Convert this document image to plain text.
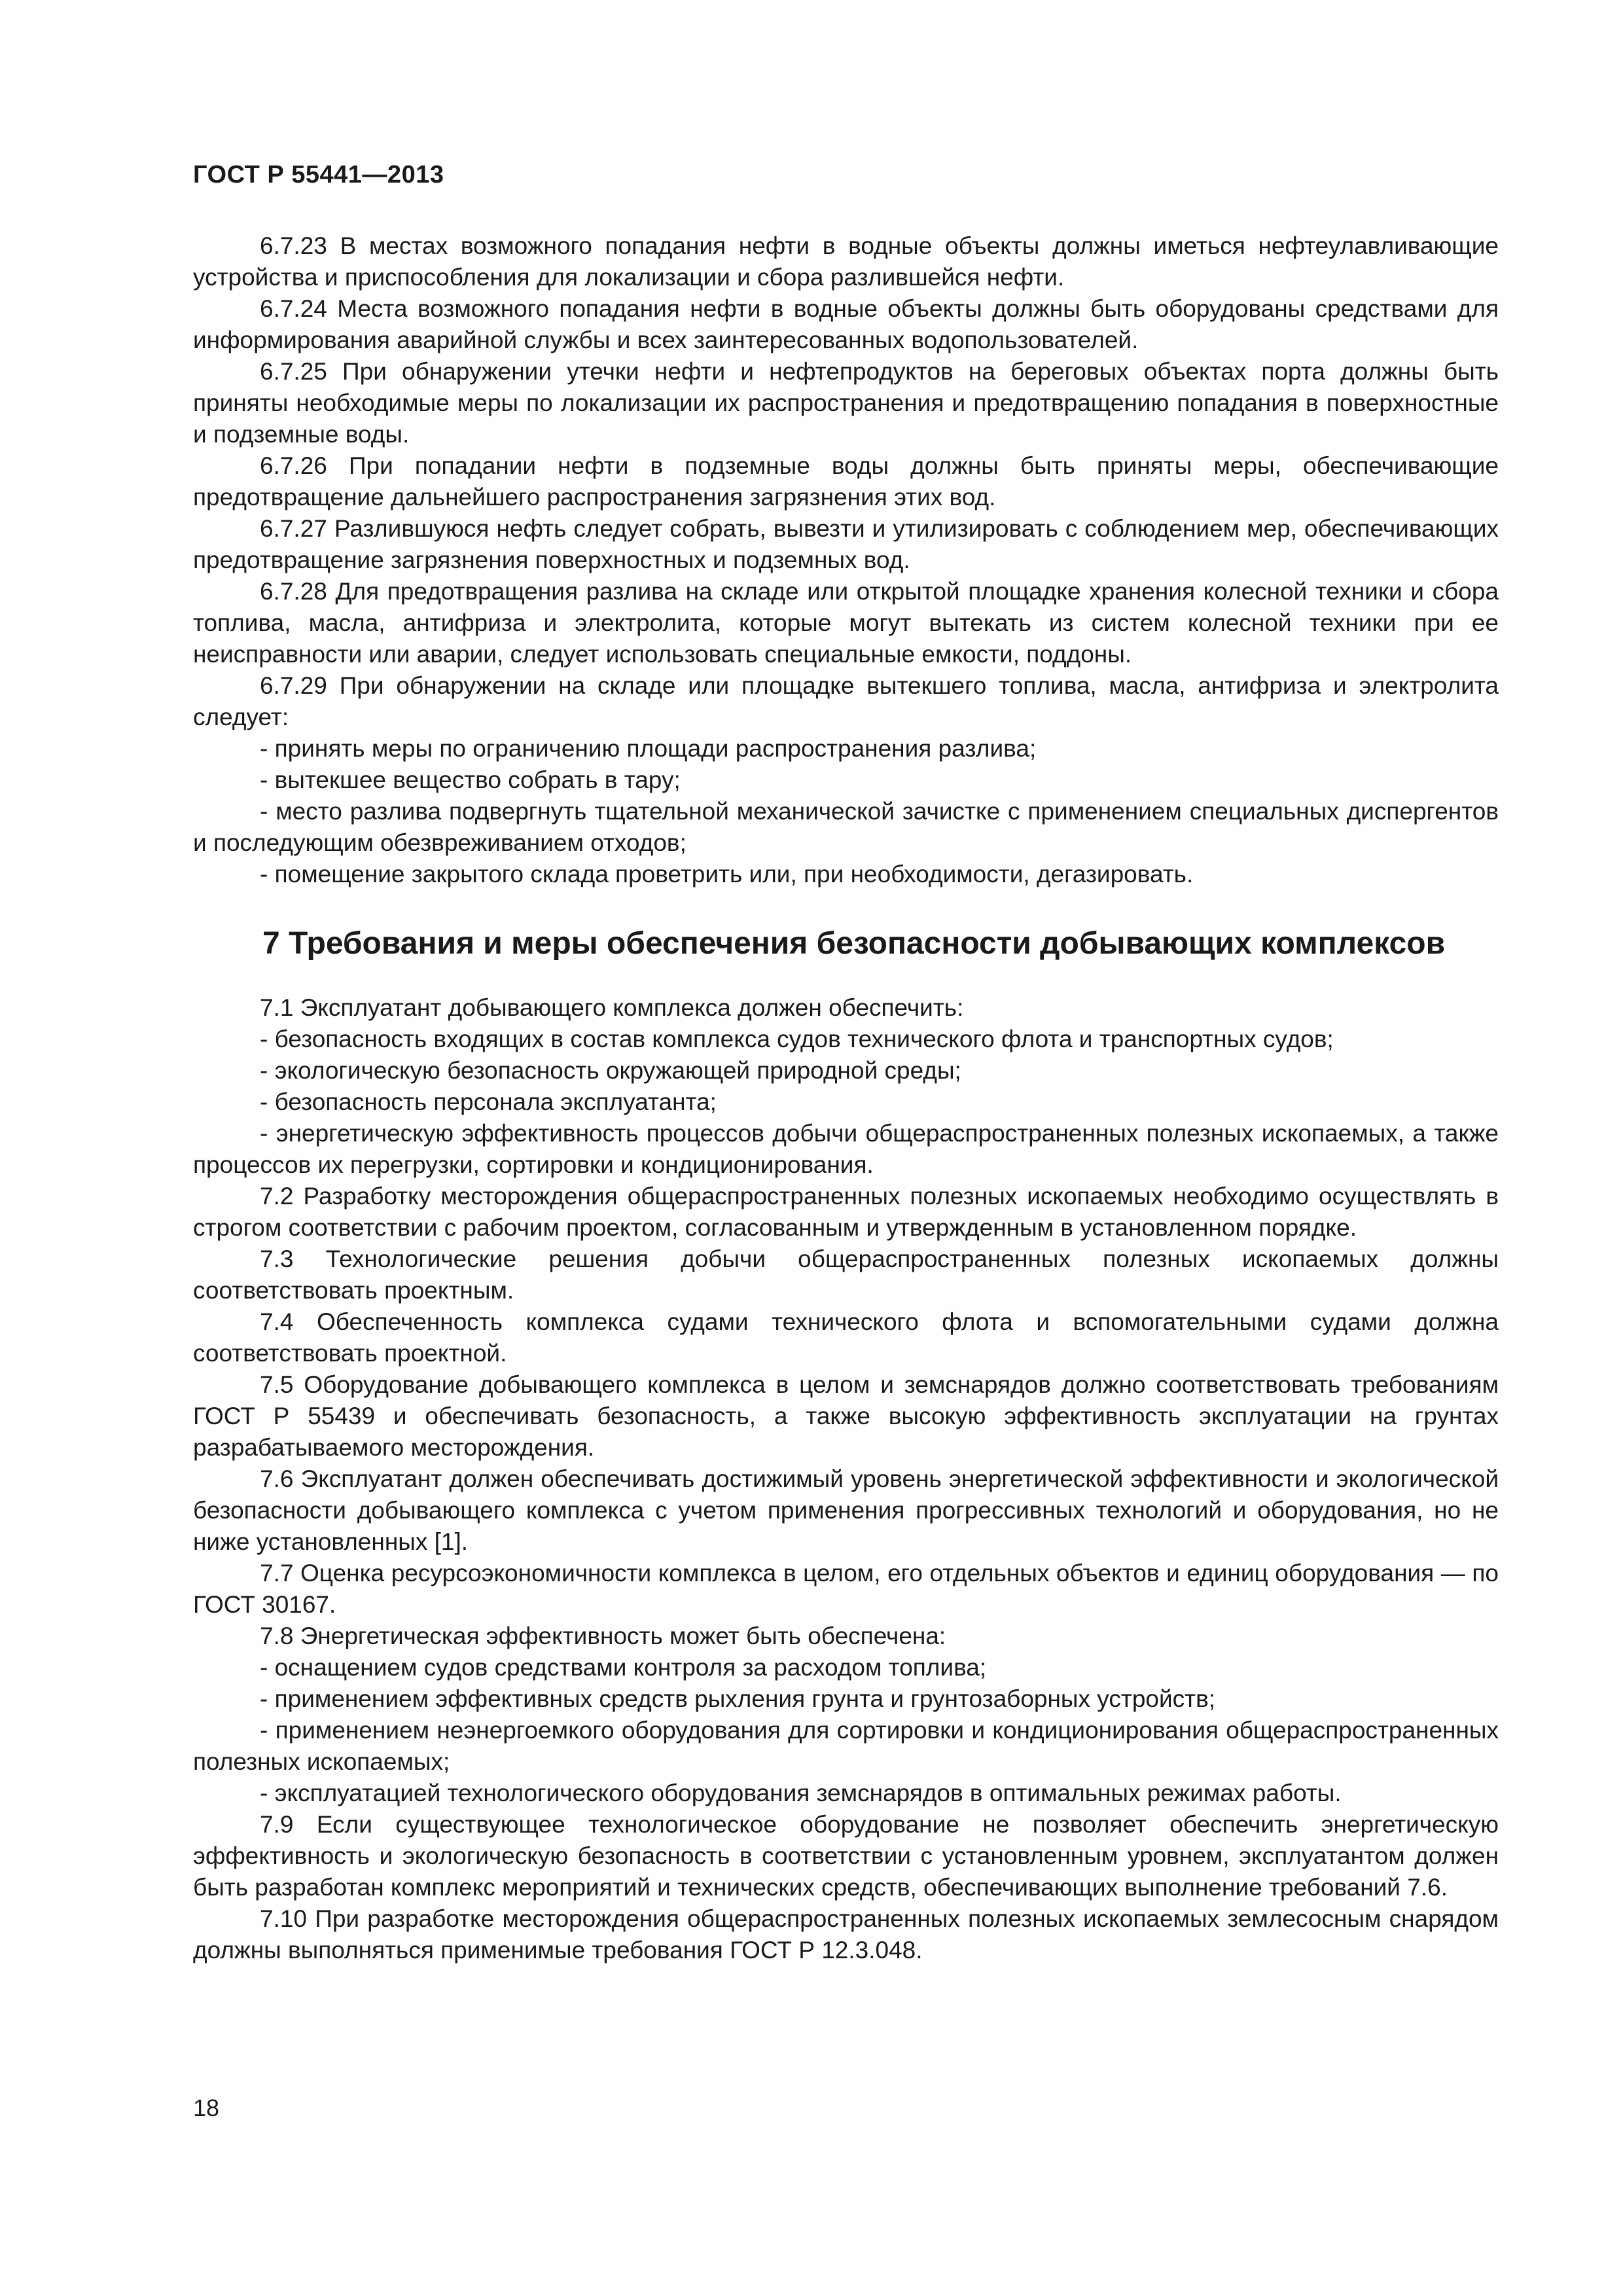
ГОСТ Р 55441—2013

6.7.23 В местах возможного попадания нефти в водные объекты должны иметься нефтеулавливающие устройства и приспособления для локализации и сбора разлившейся нефти.

6.7.24 Места возможного попадания нефти в водные объекты должны быть оборудованы средствами для информирования аварийной службы и всех заинтересованных водопользователей.

6.7.25 При обнаружении утечки нефти и нефтепродуктов на береговых объектах порта должны быть приняты необходимые меры по локализации их распространения и предотвращению попадания в поверхностные и подземные воды.

6.7.26 При попадании нефти в подземные воды должны быть приняты меры, обеспечивающие предотвращение дальнейшего распространения загрязнения этих вод.

6.7.27 Разлившуюся нефть следует собрать, вывезти и утилизировать с соблюдением мер, обеспечивающих предотвращение загрязнения поверхностных и подземных вод.

6.7.28 Для предотвращения разлива на складе или открытой площадке хранения колесной техники и сбора топлива, масла, антифриза и электролита, которые могут вытекать из систем колесной техники при ее неисправности или аварии, следует использовать специальные емкости, поддоны.

6.7.29 При обнаружении на складе или площадке вытекшего топлива, масла, антифриза и электролита следует:

- принять меры по ограничению площади распространения разлива;

- вытекшее вещество собрать в тару;

- место разлива подвергнуть тщательной механической зачистке с применением специальных диспергентов и последующим обезвреживанием отходов;

- помещение закрытого склада проветрить или, при необходимости, дегазировать.

7 Требования и меры обеспечения безопасности добывающих комплексов

7.1 Эксплуатант добывающего комплекса должен обеспечить:

- безопасность входящих в состав комплекса судов технического флота и транспортных судов;

- экологическую безопасность окружающей природной среды;

- безопасность персонала эксплуатанта;

- энергетическую эффективность процессов добычи общераспространенных полезных ископаемых, а также процессов их перегрузки, сортировки и кондиционирования.

7.2 Разработку месторождения общераспространенных полезных ископаемых необходимо осуществлять в строгом соответствии с рабочим проектом, согласованным и утвержденным в установленном порядке.

7.3 Технологические решения добычи общераспространенных полезных ископаемых должны соответствовать проектным.

7.4 Обеспеченность комплекса судами технического флота и вспомогательными судами должна соответствовать проектной.

7.5 Оборудование добывающего комплекса в целом и земснарядов должно соответствовать требованиям ГОСТ Р 55439 и обеспечивать безопасность, а также высокую эффективность эксплуатации на грунтах разрабатываемого месторождения.

7.6 Эксплуатант должен обеспечивать достижимый уровень энергетической эффективности и экологической безопасности добывающего комплекса с учетом применения прогрессивных технологий и оборудования, но не ниже установленных [1].

7.7 Оценка ресурсоэкономичности комплекса в целом, его отдельных объектов и единиц оборудования — по ГОСТ 30167.

7.8 Энергетическая эффективность может быть обеспечена:

- оснащением судов средствами контроля за расходом топлива;

- применением эффективных средств рыхления грунта и грунтозаборных устройств;

- применением неэнергоемкого оборудования для сортировки и кондиционирования общераспространенных полезных ископаемых;

- эксплуатацией технологического оборудования земснарядов в оптимальных режимах работы.

7.9 Если существующее технологическое оборудование не позволяет обеспечить энергетическую эффективность и экологическую безопасность в соответствии с установленным уровнем, эксплуатантом должен быть разработан комплекс мероприятий и технических средств, обеспечивающих выполнение требований 7.6.

7.10 При разработке месторождения общераспространенных полезных ископаемых землесосным снарядом должны выполняться применимые требования ГОСТ Р 12.3.048.

18
